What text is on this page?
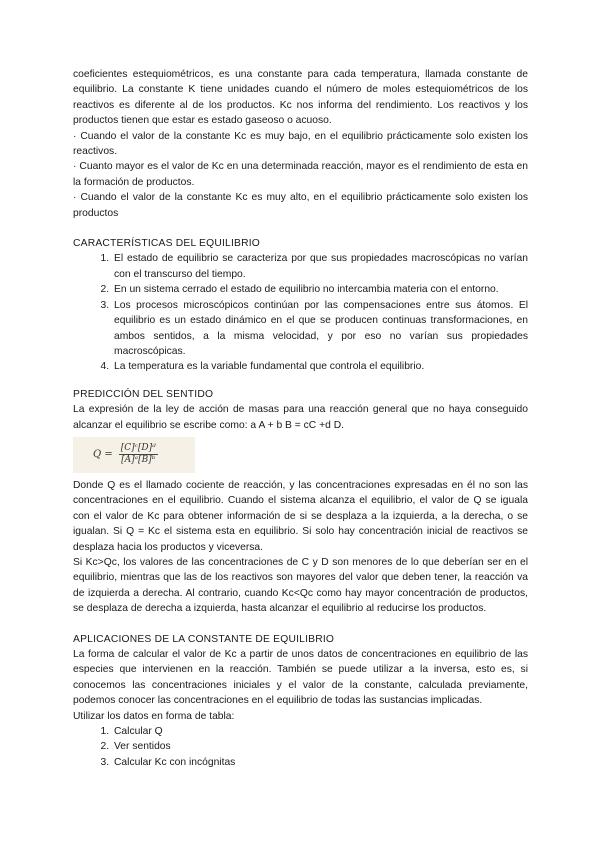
coeficientes estequiométricos, es una constante para cada temperatura, llamada constante de equilibrio. La constante K tiene unidades cuando el número de moles estequiométricos de los reactivos es diferente al de los productos. Kc nos informa del rendimiento. Los reactivos y los productos tienen que estar es estado gaseoso o acuoso.

· Cuando el valor de la constante Kc es muy bajo, en el equilibrio prácticamente solo existen los reactivos.

· Cuanto mayor es el valor de Kc en una determinada reacción, mayor es el rendimiento de esta en la formación de productos.

· Cuando el valor de la constante Kc es muy alto, en el equilibrio prácticamente solo existen los productos

CARACTERÍSTICAS DEL EQUILIBRIO
1. El estado de equilibrio se caracteriza por que sus propiedades macroscópicas no varían con el transcurso del tiempo.
2. En un sistema cerrado el estado de equilibrio no intercambia materia con el entorno.
3. Los procesos microscópicos continúan por las compensaciones entre sus átomos. El equilibrio es un estado dinámico en el que se producen continuas transformaciones, en ambos sentidos, a la misma velocidad, y por eso no varían sus propiedades macroscópicas.
4. La temperatura es la variable fundamental que controla el equilibrio.
PREDICCIÓN DEL SENTIDO

La expresión de la ley de acción de masas para una reacción general que no haya conseguido alcanzar el equilibrio se escribe como: a A + b B = cC +d D.

$Q = \frac{\text{[C]ᶜ[D]ᵈ}}{\text{[A]ᵃ[B]ᵇ}}$

Donde Q es el llamado cociente de reacción, y las concentraciones expresadas en él no son las concentraciones en el equilibrio. Cuando el sistema alcanza el equilibrio, el valor de Q se iguala con el valor de Kc para obtener información de si se desplaza a la izquierda, a la derecha, o se igualan. Si Q = Kc el sistema esta en equilibrio. Si solo hay concentración inicial de reactivos se desplaza hacia los productos y viceversa.

Si Kc>Qc, los valores de las concentraciones de C y D son menores de lo que deberían ser en el equilibrio, mientras que las de los reactivos son mayores del valor que deben tener, la reacción va de izquierda a derecha. Al contrario, cuando Kc<Qc como hay mayor concentración de productos, se desplaza de derecha a izquierda, hasta alcanzar el equilibrio al reducirse los productos.

APLICACIONES DE LA CONSTANTE DE EQUILIBRIO

La forma de calcular el valor de Kc a partir de unos datos de concentraciones en equilibrio de las especies que intervienen en la reacción. También se puede utilizar a la inversa, esto es, si conocemos las concentraciones iniciales y el valor de la constante, calculada previamente, podemos conocer las concentraciones en el equilibrio de todas las sustancias implicadas.

Utilizar los datos en forma de tabla:

1. Calcular Q
2. Ver sentidos
3. Calcular Kc con incógnitas
